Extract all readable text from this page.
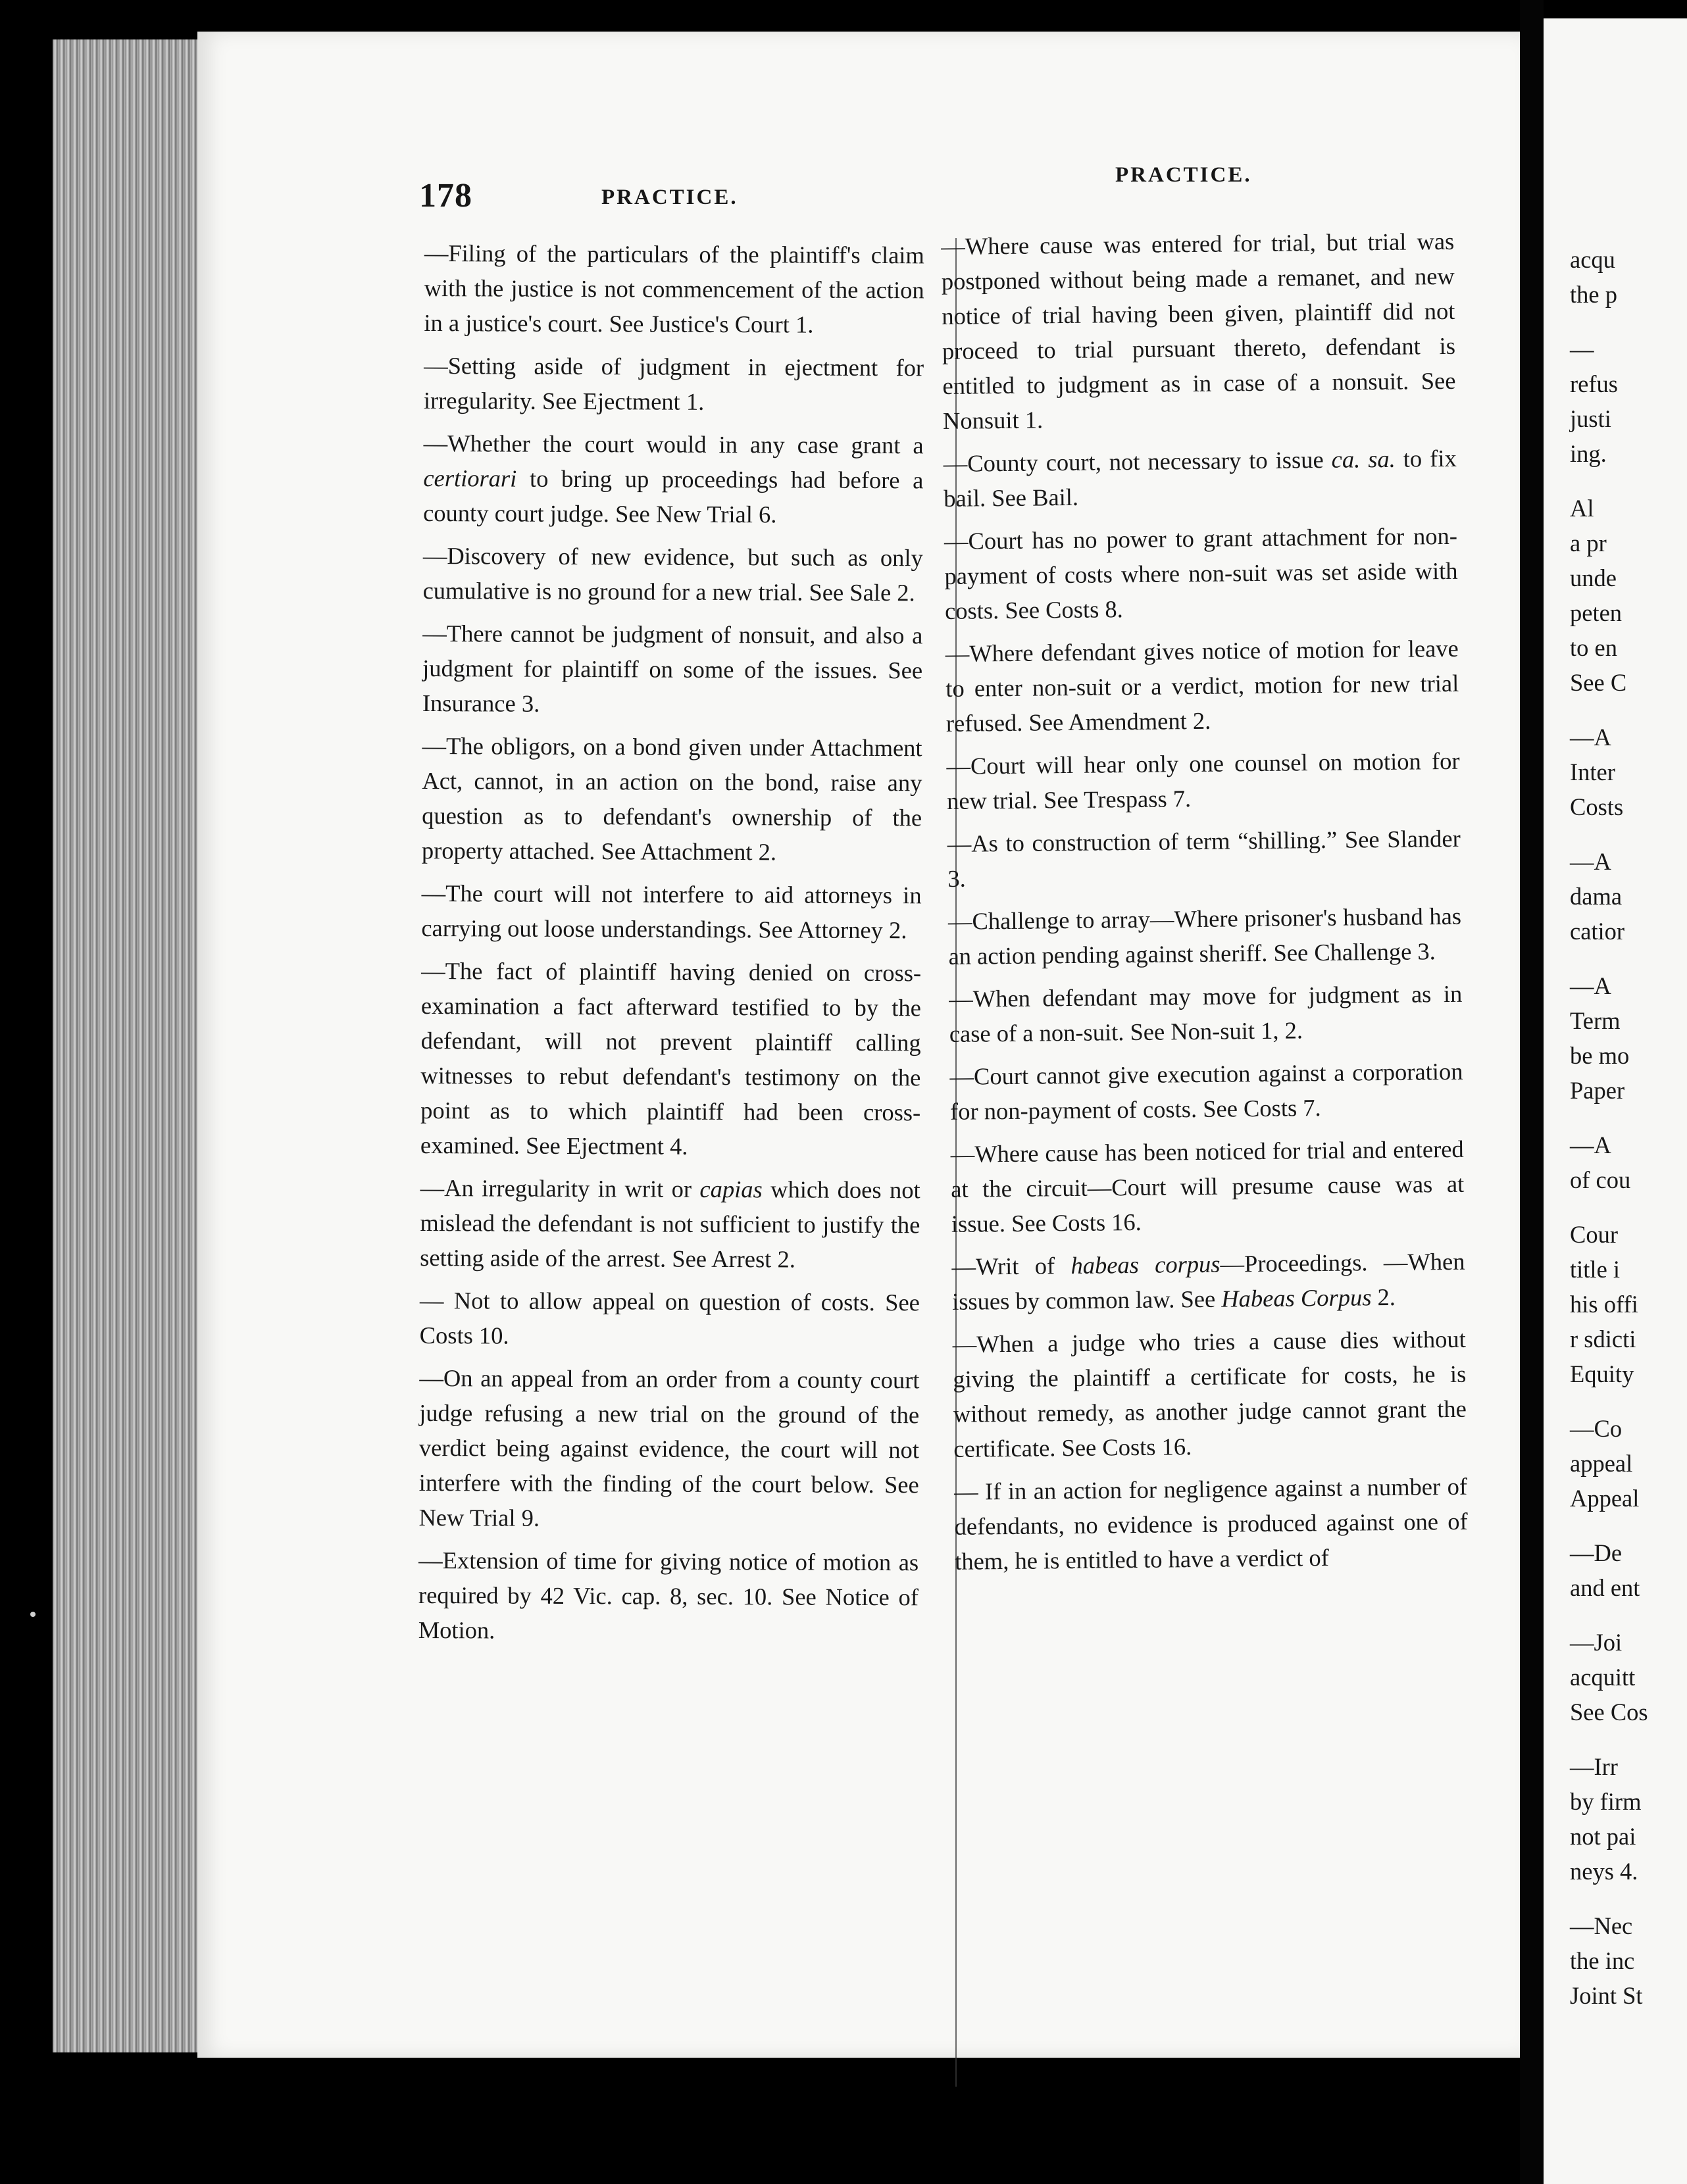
178	PRACTICE.
PRACTICE.
—Filing of the particulars of the plaintiff's claim with the justice is not commencement of the action in a justice's court. See Justice's Court 1.
—Setting aside of judgment in ejectment for irregularity. See Ejectment 1.
—Whether the court would in any case grant a certiorari to bring up proceedings had before a county court judge. See New Trial 6.
—Discovery of new evidence, but such as only cumulative is no ground for a new trial. See Sale 2.
—There cannot be judgment of nonsuit, and also a judgment for plaintiff on some of the issues. See Insurance 3.
—The obligors, on a bond given under Attachment Act, cannot, in an action on the bond, raise any question as to defendant's ownership of the property attached. See Attachment 2.
—The court will not interfere to aid attorneys in carrying out loose understandings. See Attorney 2.
—The fact of plaintiff having denied on cross-examination a fact afterward testified to by the defendant, will not prevent plaintiff calling witnesses to rebut defendant's testimony on the point as to which plaintiff had been cross-examined. See Ejectment 4.
—An irregularity in writ or capias which does not mislead the defendant is not sufficient to justify the setting aside of the arrest. See Arrest 2.
— Not to allow appeal on question of costs. See Costs 10.
—On an appeal from an order from a county court judge refusing a new trial on the ground of the verdict being against evidence, the court will not interfere with the finding of the court below. See New Trial 9.
—Extension of time for giving notice of motion as required by 42 Vic. cap. 8, sec. 10. See Notice of Motion.
—Where cause was entered for trial, but trial was postponed without being made a remanet, and new notice of trial having been given, plaintiff did not proceed to trial pursuant thereto, defendant is entitled to judgment as in case of a nonsuit. See Nonsuit 1.
—County court, not necessary to issue ca. sa. to fix bail. See Bail.
—Court has no power to grant attachment for non-payment of costs where non-suit was set aside with costs. See Costs 8.
—Where defendant gives notice of motion for leave to enter non-suit or a verdict, motion for new trial refused. See Amendment 2.
—Court will hear only one counsel on motion for new trial. See Trespass 7.
—As to construction of term “shilling.” See Slander 3.
—Challenge to array—Where prisoner's husband has an action pending against sheriff. See Challenge 3.
—When defendant may move for judgment as in case of a non-suit. See Non-suit 1, 2.
—Court cannot give execution against a corporation for non-payment of costs. See Costs 7.
—Where cause has been noticed for trial and entered at the circuit—Court will presume cause was at issue. See Costs 16.
—Writ of habeas corpus—Proceedings. —When issues by common law. See Habeas Corpus 2.
—When a judge who tries a cause dies without giving the plaintiff a certificate for costs, he is without remedy, as another judge cannot grant the certificate. See Costs 16.
— If in an action for negligence against a number of defendants, no evidence is produced against one of them, he is entitled to have a verdict of
acqu
the p
—
refus
justi
ing.
Al
a pr
unde
peten
to en
See C
—A
Inter
Costs
—A
dama
catior
—A
Term
be mo
Paper
—A
of cou
Cour
title i
his offi
r sdicti
Equity
—Co
appeal
Appeal
—De
and ent
—Joi
acquitt
See Cos
—Irr
by firm
not pai
neys 4.
—Nec
the inc
Joint St
